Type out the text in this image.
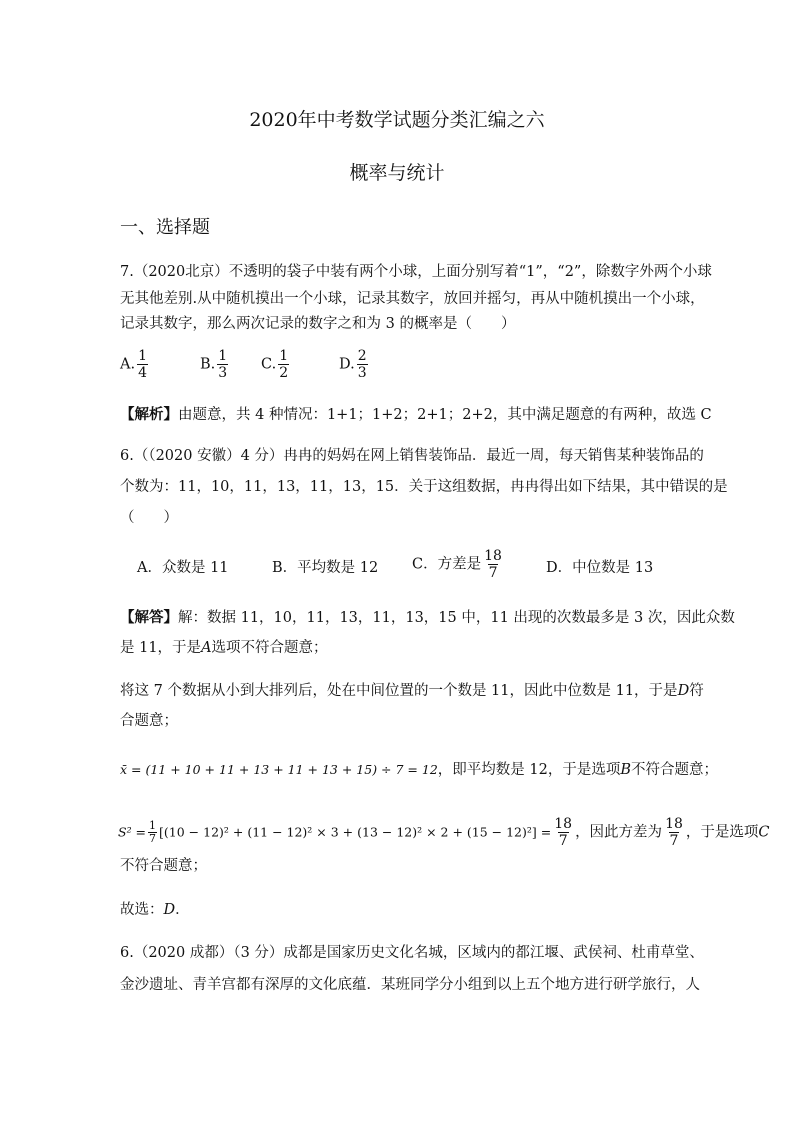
2020年中考数学试题分类汇编之六
概率与统计
一、选择题
7.（2020北京）不透明的袋子中装有两个小球，上面分别写着“1”，“2”，除数字外两个小球
无其他差别.从中随机摸出一个小球，记录其数字，放回并摇匀，再从中随机摸出一个小球，
记录其数字，那么两次记录的数字之和为 3 的概率是（　　）
A. $\frac{1}{4}$	B. $\frac{1}{3} C$. $\frac{1}{2}$	D. $\frac{2}{3}$
【解析】由题意，共 4 种情况：1+1；1+2；2+1；2+2，其中满足题意的有两种，故选 C
6.（（2020 安徽）4 分）冉冉的妈妈在网上销售装饰品．最近一周，每天销售某种装饰品的
个数为：11，10，11，13，11，13，15．关于这组数据，冉冉得出如下结果，其中错误的是
（　　）
A．众数是 11	B．平均数是 12 C．方差是 $\frac{18}{7}$	D．中位数是 13
【解答】解：数据 11，10，11，13，11，13，15 中，11 出现的次数最多是 3 次，因此众数
是 11，于是A选项不符合题意；
将这 7 个数据从小到大排列后，处在中间位置的一个数是 11，因此中位数是 11，于是D符
合题意；
x̄ = (11 + 10 + 11 + 13 + 11 + 13 + 15) ÷ 7 = 12，即平均数是 12，于是选项B不符合题意；
$S^2 = \frac{1}{7} [(10 - 12)^2 + (11 - 12)^2 \times 3 + (13 - 12)^2 \times 2 + (15 - 12)^2] = \frac{18}{7}$ ，因此方差为 $\frac{18}{7}$ ，于是选项C
不符合题意；
故选：D．
6.（2020 成都）（3 分）成都是国家历史文化名城，区域内的都江堰、武侯祠、杜甫草堂、
金沙遗址、青羊宫都有深厚的文化底蕴．某班同学分小组到以上五个地方进行研学旅行，人
